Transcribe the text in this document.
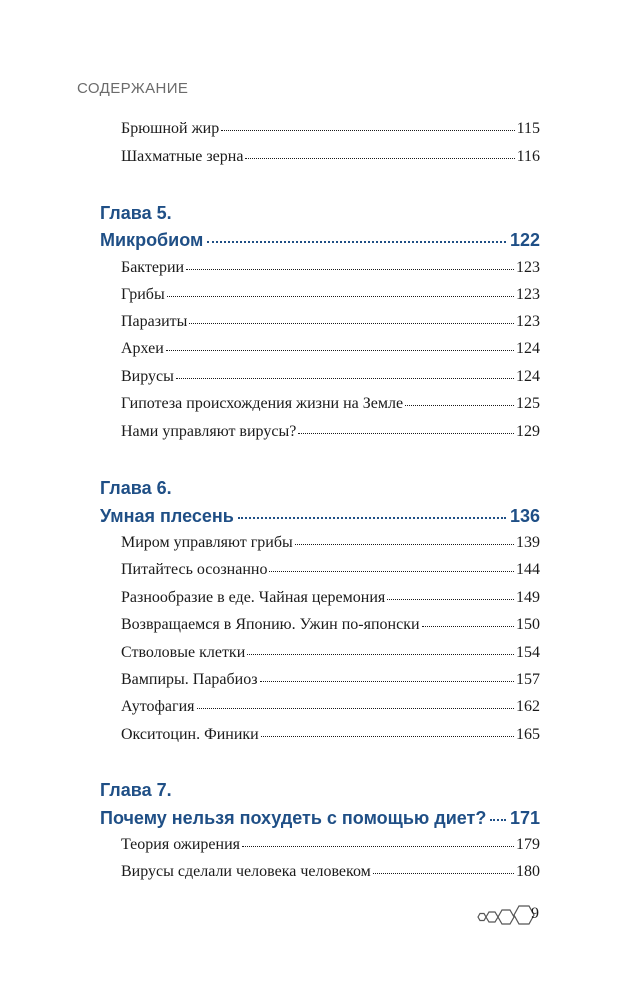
СОДЕРЖАНИЕ
Брюшной жир	115
Шахматные зерна	116
Глава 5.
Микробиом	122
Бактерии	123
Грибы	123
Паразиты	123
Археи	124
Вирусы	124
Гипотеза происхождения жизни на Земле	125
Нами управляют вирусы?	129
Глава 6.
Умная плесень	136
Миром управляют грибы	139
Питайтесь осознанно	144
Разнообразие в еде. Чайная церемония	149
Возвращаемся в Японию. Ужин по-японски	150
Стволовые клетки	154
Вампиры. Парабиоз	157
Аутофагия	162
Окситоцин. Финики	165
Глава 7.
Почему нельзя похудеть с помощью диет? 171
Теория ожирения	179
Вирусы сделали человека человеком	180
9
